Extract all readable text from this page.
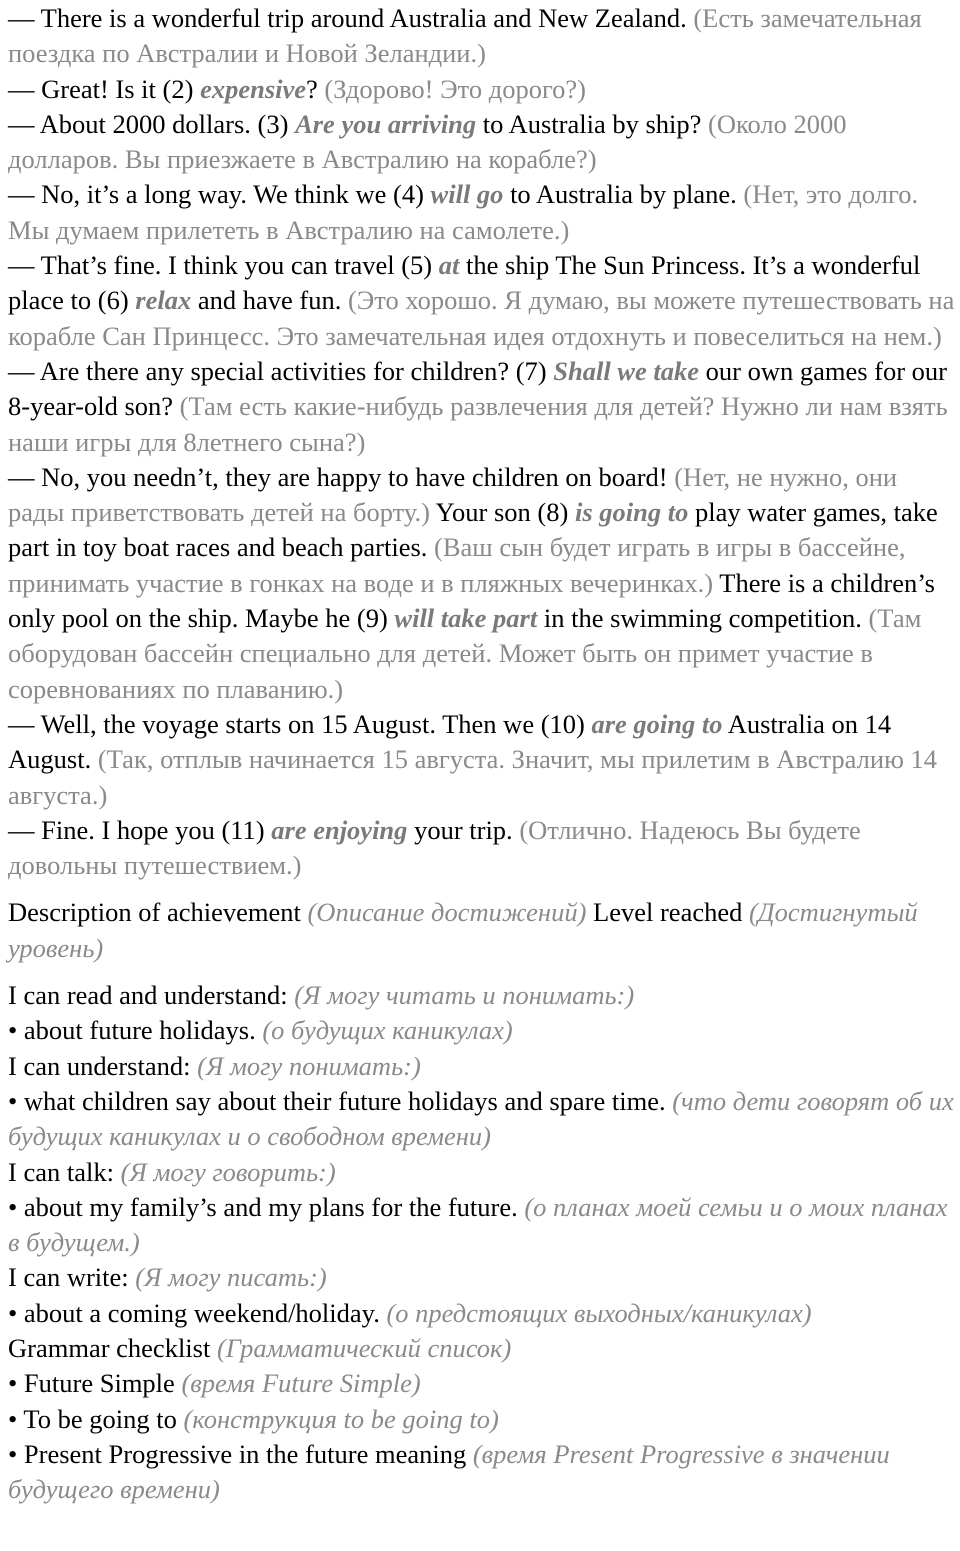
— There is a wonderful trip around Australia and New Zealand. (Есть замечательная поездка по Австралии и Новой Зеландии.)

— Great! Is it (2) expensive? (Здорово! Это дорого?)

— About 2000 dollars. (3) Are you arriving to Australia by ship? (Около 2000 долларов. Вы приезжаете в Австралию на корабле?)

— No, it’s a long way. We think we (4) will go to Australia by plane. (Нет, это долго. Мы думаем прилететь в Австралию на самолете.)

— That’s fine. I think you can travel (5) at the ship The Sun Princess. It’s a wonderful place to (6) relax and have fun. (Это хорошо. Я думаю, вы можете путешествовать на корабле Сан Принцесс. Это замечательная идея отдохнуть и повеселиться на нем.)

— Are there any special activities for children? (7) Shall we take our own games for our 8-year-old son? (Там есть какие-нибудь развлечения для детей? Нужно ли нам взять наши игры для 8летнего сына?)

— No, you needn’t, they are happy to have children on board! (Нет, не нужно, они рады приветствовать детей на борту.) Your son (8) is going to play water games, take part in toy boat races and beach parties. (Ваш сын будет играть в игры в бассейне, принимать участие в гонках на воде и в пляжных вечеринках.) There is a children’s only pool on the ship. Maybe he (9) will take part in the swimming competition. (Там оборудован бассейн специально для детей. Может быть он примет участие в соревнованиях по плаванию.)

— Well, the voyage starts on 15 August. Then we (10) are going to Australia on 14 August. (Так, отплыв начинается 15 августа. Значит, мы прилетим в Австралию 14 августа.)

— Fine. I hope you (11) are enjoying your trip. (Отлично. Надеюсь Вы будете довольны путешествием.)

Description of achievement (Описание достижений) Level reached (Достигнутый уровень)

I can read and understand: (Я могу читать и понимать:)

• about future holidays. (о будущих каникулах)

I can understand: (Я могу понимать:)

• what children say about their future holidays and spare time. (что дети говорят об их будущих каникулах и о свободном времени)

I can talk: (Я могу говорить:)

• about my family’s and my plans for the future. (о планах моей семьи и о моих планах в будущем.)

I can write: (Я могу писать:)

• about a coming weekend/holiday. (о предстоящих выходных/каникулах)

Grammar checklist (Грамматический список)

• Future Simple (время Future Simple)

• To be going to (конструкция to be going to)

• Present Progressive in the future meaning (время Present Progressive в значении будущего времени)
